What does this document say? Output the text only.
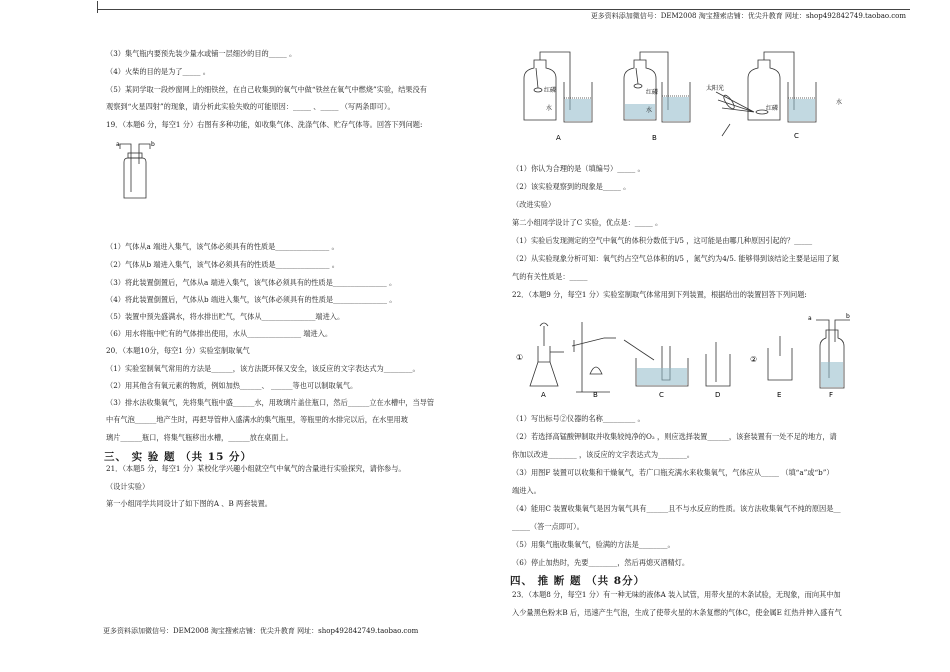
更多资料添加微信号：DEM2008 淘宝搜索店铺：优尖升教育 网址：shop492842749.taobao.com
（3）集气瓶内要预先装少量水或铺一层细沙的目的_____ 。
（4）火柴的目的是为了_____ 。
（5）某同学取一段纱窗网上的细铁丝，在自己收集到的氧气中做“铁丝在氧气中燃烧”实验，结果没有
观察到“火星四射”的现象，请分析此实验失败的可能原因：_____ 、_____ （写两条即可）。
19．（本题6 分，每空1 分）右图有多种功能，如收集气体、洗涤气体、贮存气体等。回答下列问题:
a	b
（1）气体从a 端进入集气，该气体必须具有的性质是_______________ 。
（2）气体从b 端进入集气，该气体必须具有的性质是_______________ 。
（3）将此装置倒置后，气体从a 端进入集气，该气体必须具有的性质是_______________ 。
（4）将此装置倒置后，气体从b 端进入集气，该气体必须具有的性质是_______________ 。
（5）装置中预先盛满水，将水排出贮气，气体从_______________端进入。
（6）用水将瓶中贮有的气体排出使用，水从_______________ 端进入。
20．（本题10分，每空1 分）实验室制取氧气
（1）实验室制氧气常用的方法是______，该方法既环保又安全，该反应的文字表达式为________。
（2）用其他含有氧元素的物质，例如加热______、 ______等也可以制取氧气。
（3）排水法收集氧气，先将集气瓶中盛______水，用玻璃片盖住瓶口，然后______立在水槽中，当导管
中有气泡______地产生时，再把导管伸入盛满水的集气瓶里，等瓶里的水排完以后，在水里用玻
璃片______瓶口，将集气瓶移出水槽，______放在桌面上。
三、 实 验 题 （共 15 分）
21．（本题5 分，每空1 分）某校化学兴趣小组就空气中氧气的含量进行实验探究，请你参与。
（设计实验）
第一小组同学共同设计了如下图的A 、B 两套装置。
红磷
水
红磷
水
太阳光
红磷
水
A	B	C
（1）你认为合理的是（填编号）_____ 。
（2）该实验观察到的现象是_____ 。
（改进实验）
第二小组同学设计了C 实验，优点是：_____ 。
（1）实验后发现测定的空气中氧气的体积分数低于l/5 ，这可能是由哪几种原因引起的？_____
（2）从实验现象分析可知：氧气约占空气总体积的l/5 ，氮气约为4/5. 能够得到该结论主要是运用了氮
气的有关性质是：_____
22．（本题9 分，每空1 分）实验室制取气体常用到下列装置，根据给出的装置回答下列问题:
①	②
a	b
A	B	C	D	E	F
（1）写出标号②仪器的名称_________ 。
（2）若选择高锰酸钾制取并收集较纯净的O₂ ，则应选择装置______，该套装置有一处不足的地方，请
你加以改进________ ，该反应的文字表达式为________。
（3）用图F 装置可以收集和干燥氧气，若广口瓶充满水来收集氧气，气体应从_____ （填“a”或“b”）
端进入。
（4）能用C 装置收集氧气是因为氧气具有______且不与水反应的性质。该方法收集氧气不纯的原因是__
_____（答一点即可）。
（5）用集气瓶收集氧气，验满的方法是________。
（6）停止加热时，先要________，然后再熄灭酒精灯。
四、 推 断 题 （共 8分）
23．（本题8 分，每空1 分）有一种无味的液体A 装入试管，用带火星的木条试验，无现象，而向其中加
入少量黑色粉末B 后，迅速产生气泡，生成了使带火星的木条复燃的气体C，使金属E 红热并伸入盛有气
更多资料添加微信号：DEM2008 淘宝搜索店铺：优尖升教育 网址：shop492842749.taobao.com
